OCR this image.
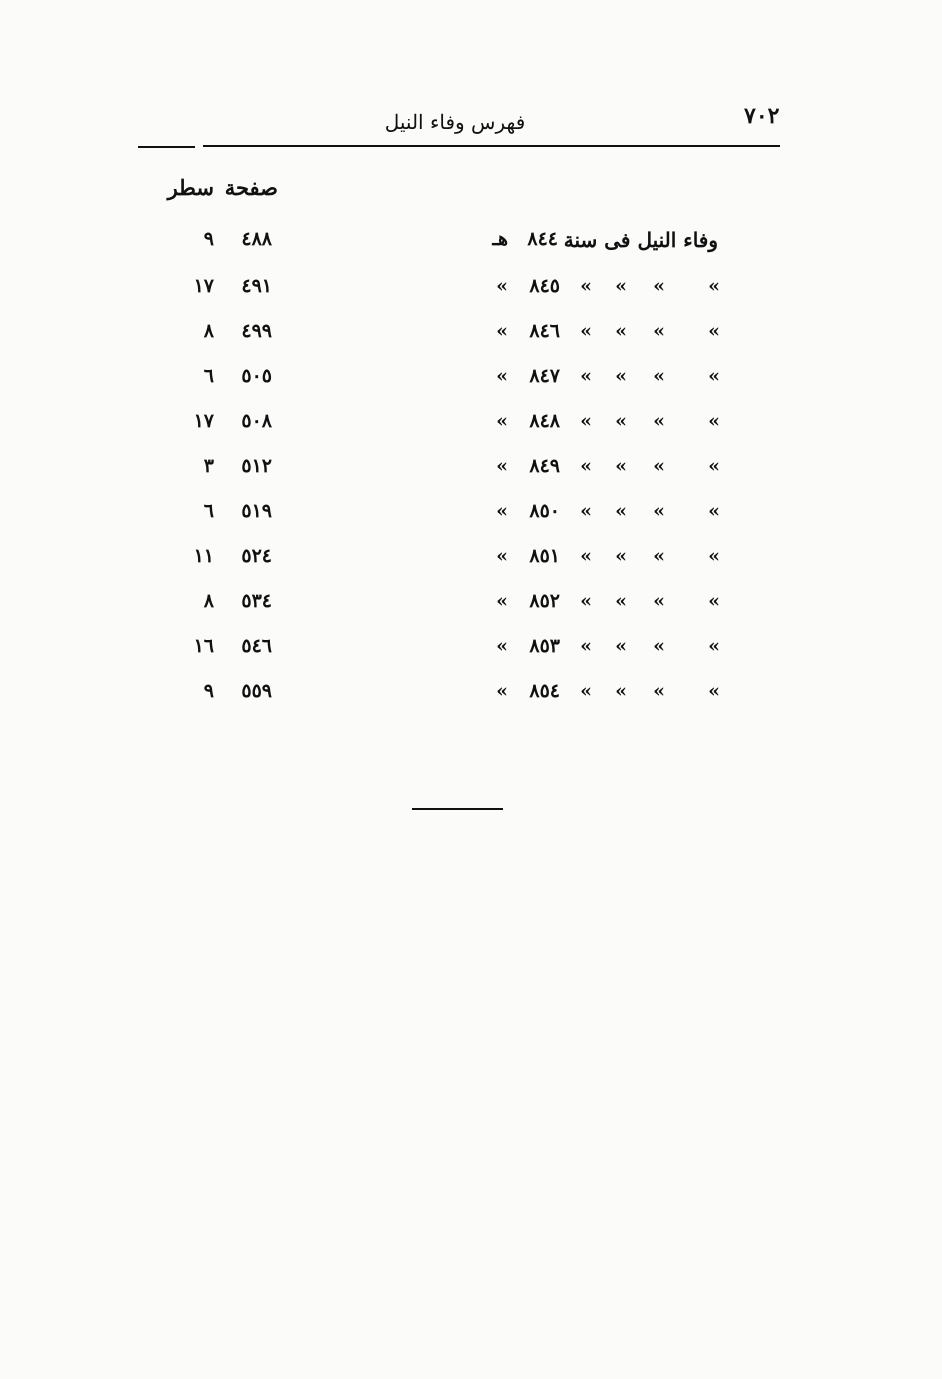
٧٠٢
فهرس وفاء النيل
صفحة
سطر
وفاء النيل فى سنة
٨٤٤
هـ
٤٨٨
٩
»
»
»
»
٨٤٥
»
٤٩١
١٧
»
»
»
»
٨٤٦
»
٤٩٩
٨
»
»
»
»
٨٤٧
»
٥٠٥
٦
»
»
»
»
٨٤٨
»
٥٠٨
١٧
»
»
»
»
٨٤٩
»
٥١٢
٣
»
»
»
»
٨٥٠
»
٥١٩
٦
»
»
»
»
٨٥١
»
٥٢٤
١١
»
»
»
»
٨٥٢
»
٥٣٤
٨
»
»
»
»
٨٥٣
»
٥٤٦
١٦
»
»
»
»
٨٥٤
»
٥٥٩
٩
